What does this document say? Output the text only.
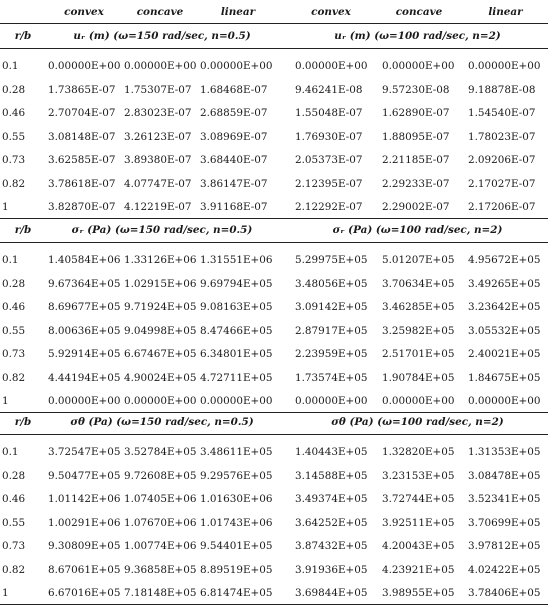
convex	concave	linear	convex	concave	linear
r/b	uᵣ (m) (ω=150 rad/sec, n=0.5)	uᵣ (m) (ω=100 rad/sec, n=2)
0.1	0.00000E+00 0.00000E+00 0.00000E+00	0.00000E+00	0.00000E+00	0.00000E+00
0.28	1.73865E-07 1.75307E-07 1.68468E-07	9.46241E-08	9.57230E-08	9.18878E-08
0.46	2.70704E-07 2.83023E-07 2.68859E-07	1.55048E-07	1.62890E-07	1.54540E-07
0.55	3.08148E-07 3.26123E-07 3.08969E-07	1.76930E-07	1.88095E-07	1.78023E-07
0.73	3.62585E-07 3.89380E-07 3.68440E-07	2.05373E-07	2.21185E-07	2.09206E-07
0.82	3.78618E-07 4.07747E-07 3.86147E-07	2.12395E-07	2.29233E-07	2.17027E-07
1	3.82870E-07 4.12219E-07 3.91168E-07	2.12292E-07	2.29002E-07	2.17206E-07
r/b	σᵣ (Pa) (ω=150 rad/sec, n=0.5)	σᵣ (Pa) (ω=100 rad/sec, n=2)
0.1	1.40584E+06 1.33126E+06 1.31551E+06	5.29975E+05	5.01207E+05	4.95672E+05
0.28	9.67364E+05 1.02915E+06 9.69794E+05	3.48056E+05	3.70634E+05	3.49265E+05
0.46	8.69677E+05 9.71924E+05 9.08163E+05	3.09142E+05	3.46285E+05	3.23642E+05
0.55	8.00636E+05 9.04998E+05 8.47466E+05	2.87917E+05	3.25982E+05	3.05532E+05
0.73	5.92914E+05 6.67467E+05 6.34801E+05	2.23959E+05	2.51701E+05	2.40021E+05
0.82	4.44194E+05 4.90024E+05 4.72711E+05	1.73574E+05	1.90784E+05	1.84675E+05
1	0.00000E+00 0.00000E+00 0.00000E+00	0.00000E+00	0.00000E+00	0.00000E+00
r/b	σθ (Pa) (ω=150 rad/sec, n=0.5)	σθ (Pa) (ω=100 rad/sec, n=2)
0.1	3.72547E+05 3.52784E+05 3.48611E+05	1.40443E+05	1.32820E+05	1.31353E+05
0.28	9.50477E+05 9.72608E+05 9.29576E+05	3.14588E+05	3.23153E+05	3.08478E+05
0.46	1.01142E+06 1.07405E+06 1.01630E+06	3.49374E+05	3.72744E+05	3.52341E+05
0.55	1.00291E+06 1.07670E+06 1.01743E+06	3.64252E+05	3.92511E+05	3.70699E+05
0.73	9.30809E+05 1.00774E+06 9.54401E+05	3.87432E+05	4.20043E+05	3.97812E+05
0.82	8.67061E+05 9.36858E+05 8.89519E+05	3.91936E+05	4.23921E+05	4.02422E+05
1	6.67016E+05 7.18148E+05 6.81474E+05	3.69844E+05	3.98955E+05	3.78406E+05
